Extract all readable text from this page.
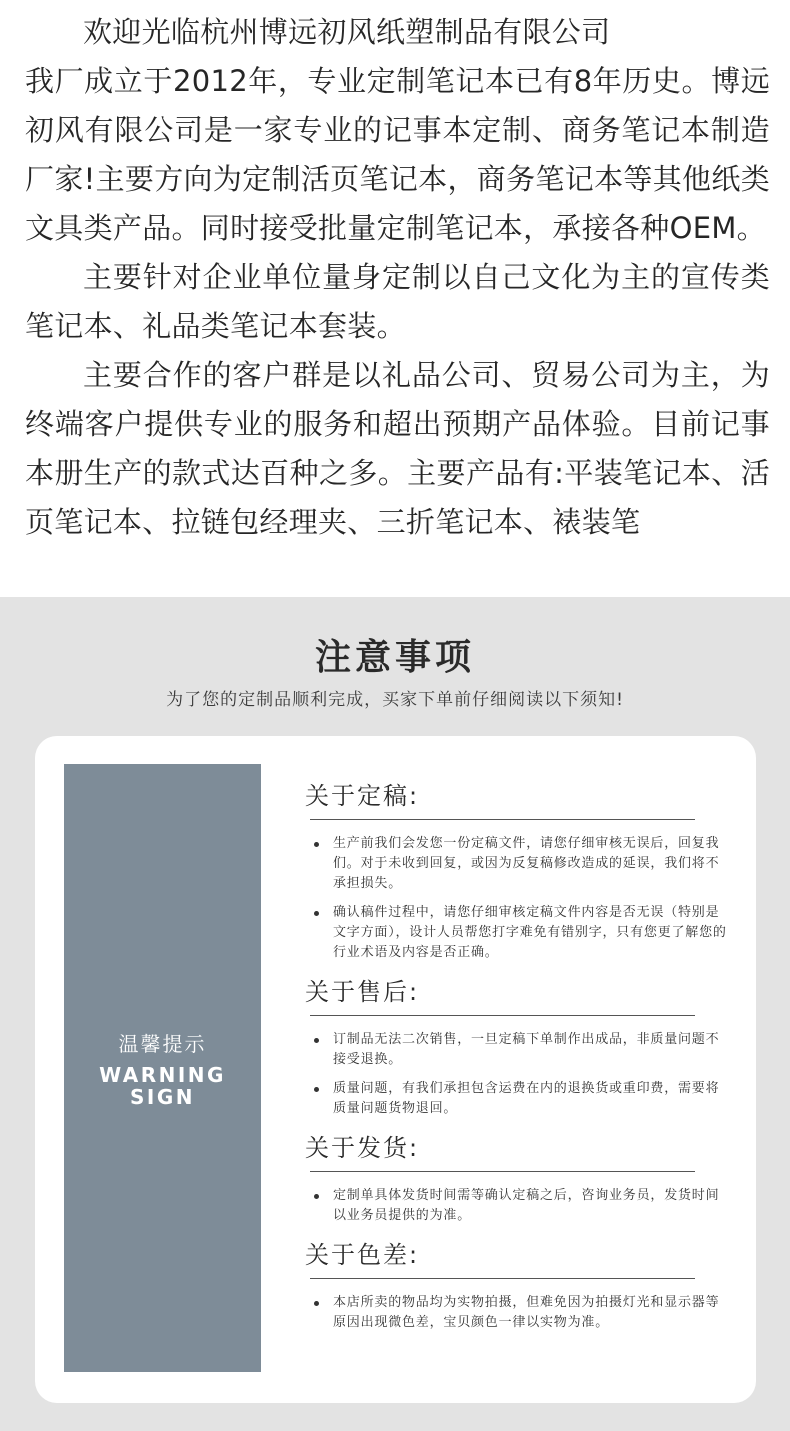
欢迎光临杭州博远初风纸塑制品有限公司

我厂成立于2012年，专业定制笔记本已有8年历史。博远初风有限公司是一家专业的记事本定制、商务笔记本制造厂家!主要方向为定制活页笔记本，商务笔记本等其他纸类文具类产品。同时接受批量定制笔记本，承接各种OEM。

主要针对企业单位量身定制以自己文化为主的宣传类笔记本、礼品类笔记本套装。

主要合作的客户群是以礼品公司、贸易公司为主，为终端客户提供专业的服务和超出预期产品体验。目前记事本册生产的款式达百种之多。主要产品有:平装笔记本、活页笔记本、拉链包经理夹、三折笔记本、裱装笔

注意事项
为了您的定制品顺利完成，买家下单前仔细阅读以下须知!
温馨提示
WARNING
SIGN
关于定稿:
生产前我们会发您一份定稿文件，请您仔细审核无误后，回复我们。对于未收到回复，或因为反复稿修改造成的延误，我们将不承担损失。
确认稿件过程中，请您仔细审核定稿文件内容是否无误（特别是文字方面），设计人员帮您打字难免有错别字，只有您更了解您的行业术语及内容是否正确。
关于售后:
订制品无法二次销售，一旦定稿下单制作出成品，非质量问题不接受退换。
质量问题，有我们承担包含运费在内的退换货或重印费，需要将质量问题货物退回。
关于发货:
定制单具体发货时间需等确认定稿之后，咨询业务员，发货时间以业务员提供的为准。
关于色差:
本店所卖的物品均为实物拍摄，但难免因为拍摄灯光和显示器等原因出现微色差，宝贝颜色一律以实物为准。
